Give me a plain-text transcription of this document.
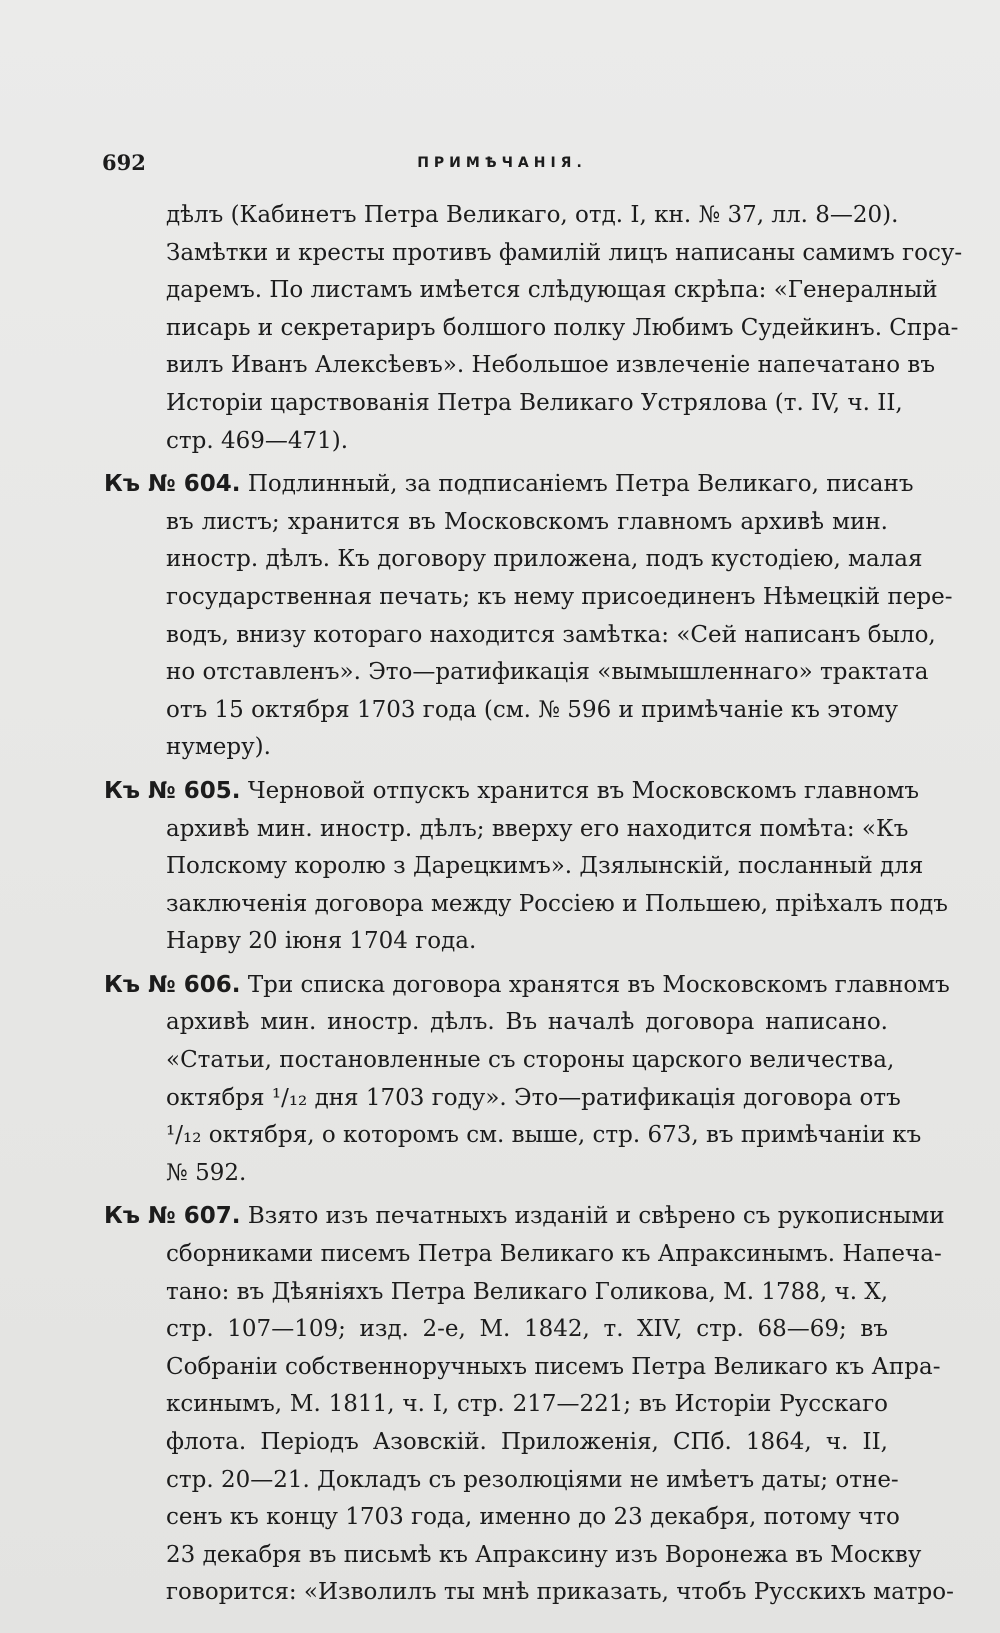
692	ПРИМѢЧАНІЯ.
дѣлъ (Кабинетъ Петра Великаго, отд. I, кн. № 37, лл. 8—20).
Замѣтки и кресты противъ фамилій лицъ написаны самимъ госу-
даремъ. По листамъ имѣется слѣдующая скрѣпа: «Генералный
писарь и секретариръ болшого полку Любимъ Судейкинъ. Спра-
вилъ Иванъ Алексѣевъ». Небольшое извлеченіе напечатано въ
Исторіи царствованія Петра Великаго Устрялова (т. IV, ч. II,
стр. 469—471).
Къ № 604. Подлинный, за подписаніемъ Петра Великаго, писанъ
въ листъ; хранится въ Московскомъ главномъ архивѣ мин.
иностр. дѣлъ. Къ договору приложена, подъ кустодіею, малая
государственная печать; къ нему присоединенъ Нѣмецкій пере-
водъ, внизу котораго находится замѣтка: «Сей написанъ было,
но отставленъ». Это—ратификація «вымышленнаго» трактата
отъ 15 октября 1703 года (см. № 596 и примѣчаніе къ этому
нумеру).
Къ № 605. Черновой отпускъ хранится въ Московскомъ главномъ
архивѣ мин. иностр. дѣлъ; вверху его находится помѣта: «Къ
Полскому королю з Дарецкимъ». Дзялынскій, посланный для
заключенія договора между Россіею и Польшею, пріѣхалъ подъ
Нарву 20 іюня 1704 года.
Къ № 606. Три списка договора хранятся въ Московскомъ главномъ
архивѣ мин. иностр. дѣлъ. Въ началѣ договора написано.
«Статьи, постановленные съ стороны царского величества,
октября ¹/₁₂ дня 1703 году». Это—ратификація договора отъ
¹/₁₂ октября, о которомъ см. выше, стр. 673, въ примѣчаніи къ
№ 592.
Къ № 607. Взято изъ печатныхъ изданій и свѣрено съ рукописными
сборниками писемъ Петра Великаго къ Апраксинымъ. Напеча-
тано: въ Дѣяніяхъ Петра Великаго Голикова, М. 1788, ч. X,
стр. 107—109; изд. 2-е, М. 1842, т. XIV, стр. 68—69; въ
Собраніи собственноручныхъ писемъ Петра Великаго къ Апра-
ксинымъ, М. 1811, ч. I, стр. 217—221; въ Исторіи Русскаго
флота. Періодъ Азовскій. Приложенія, СПб. 1864, ч. II,
стр. 20—21. Докладъ съ резолюціями не имѣетъ даты; отне-
сенъ къ концу 1703 года, именно до 23 декабря, потому что
23 декабря въ письмѣ къ Апраксину изъ Воронежа въ Москву
говорится: «Изволилъ ты мнѣ приказать, чтобъ Русскихъ матро-
